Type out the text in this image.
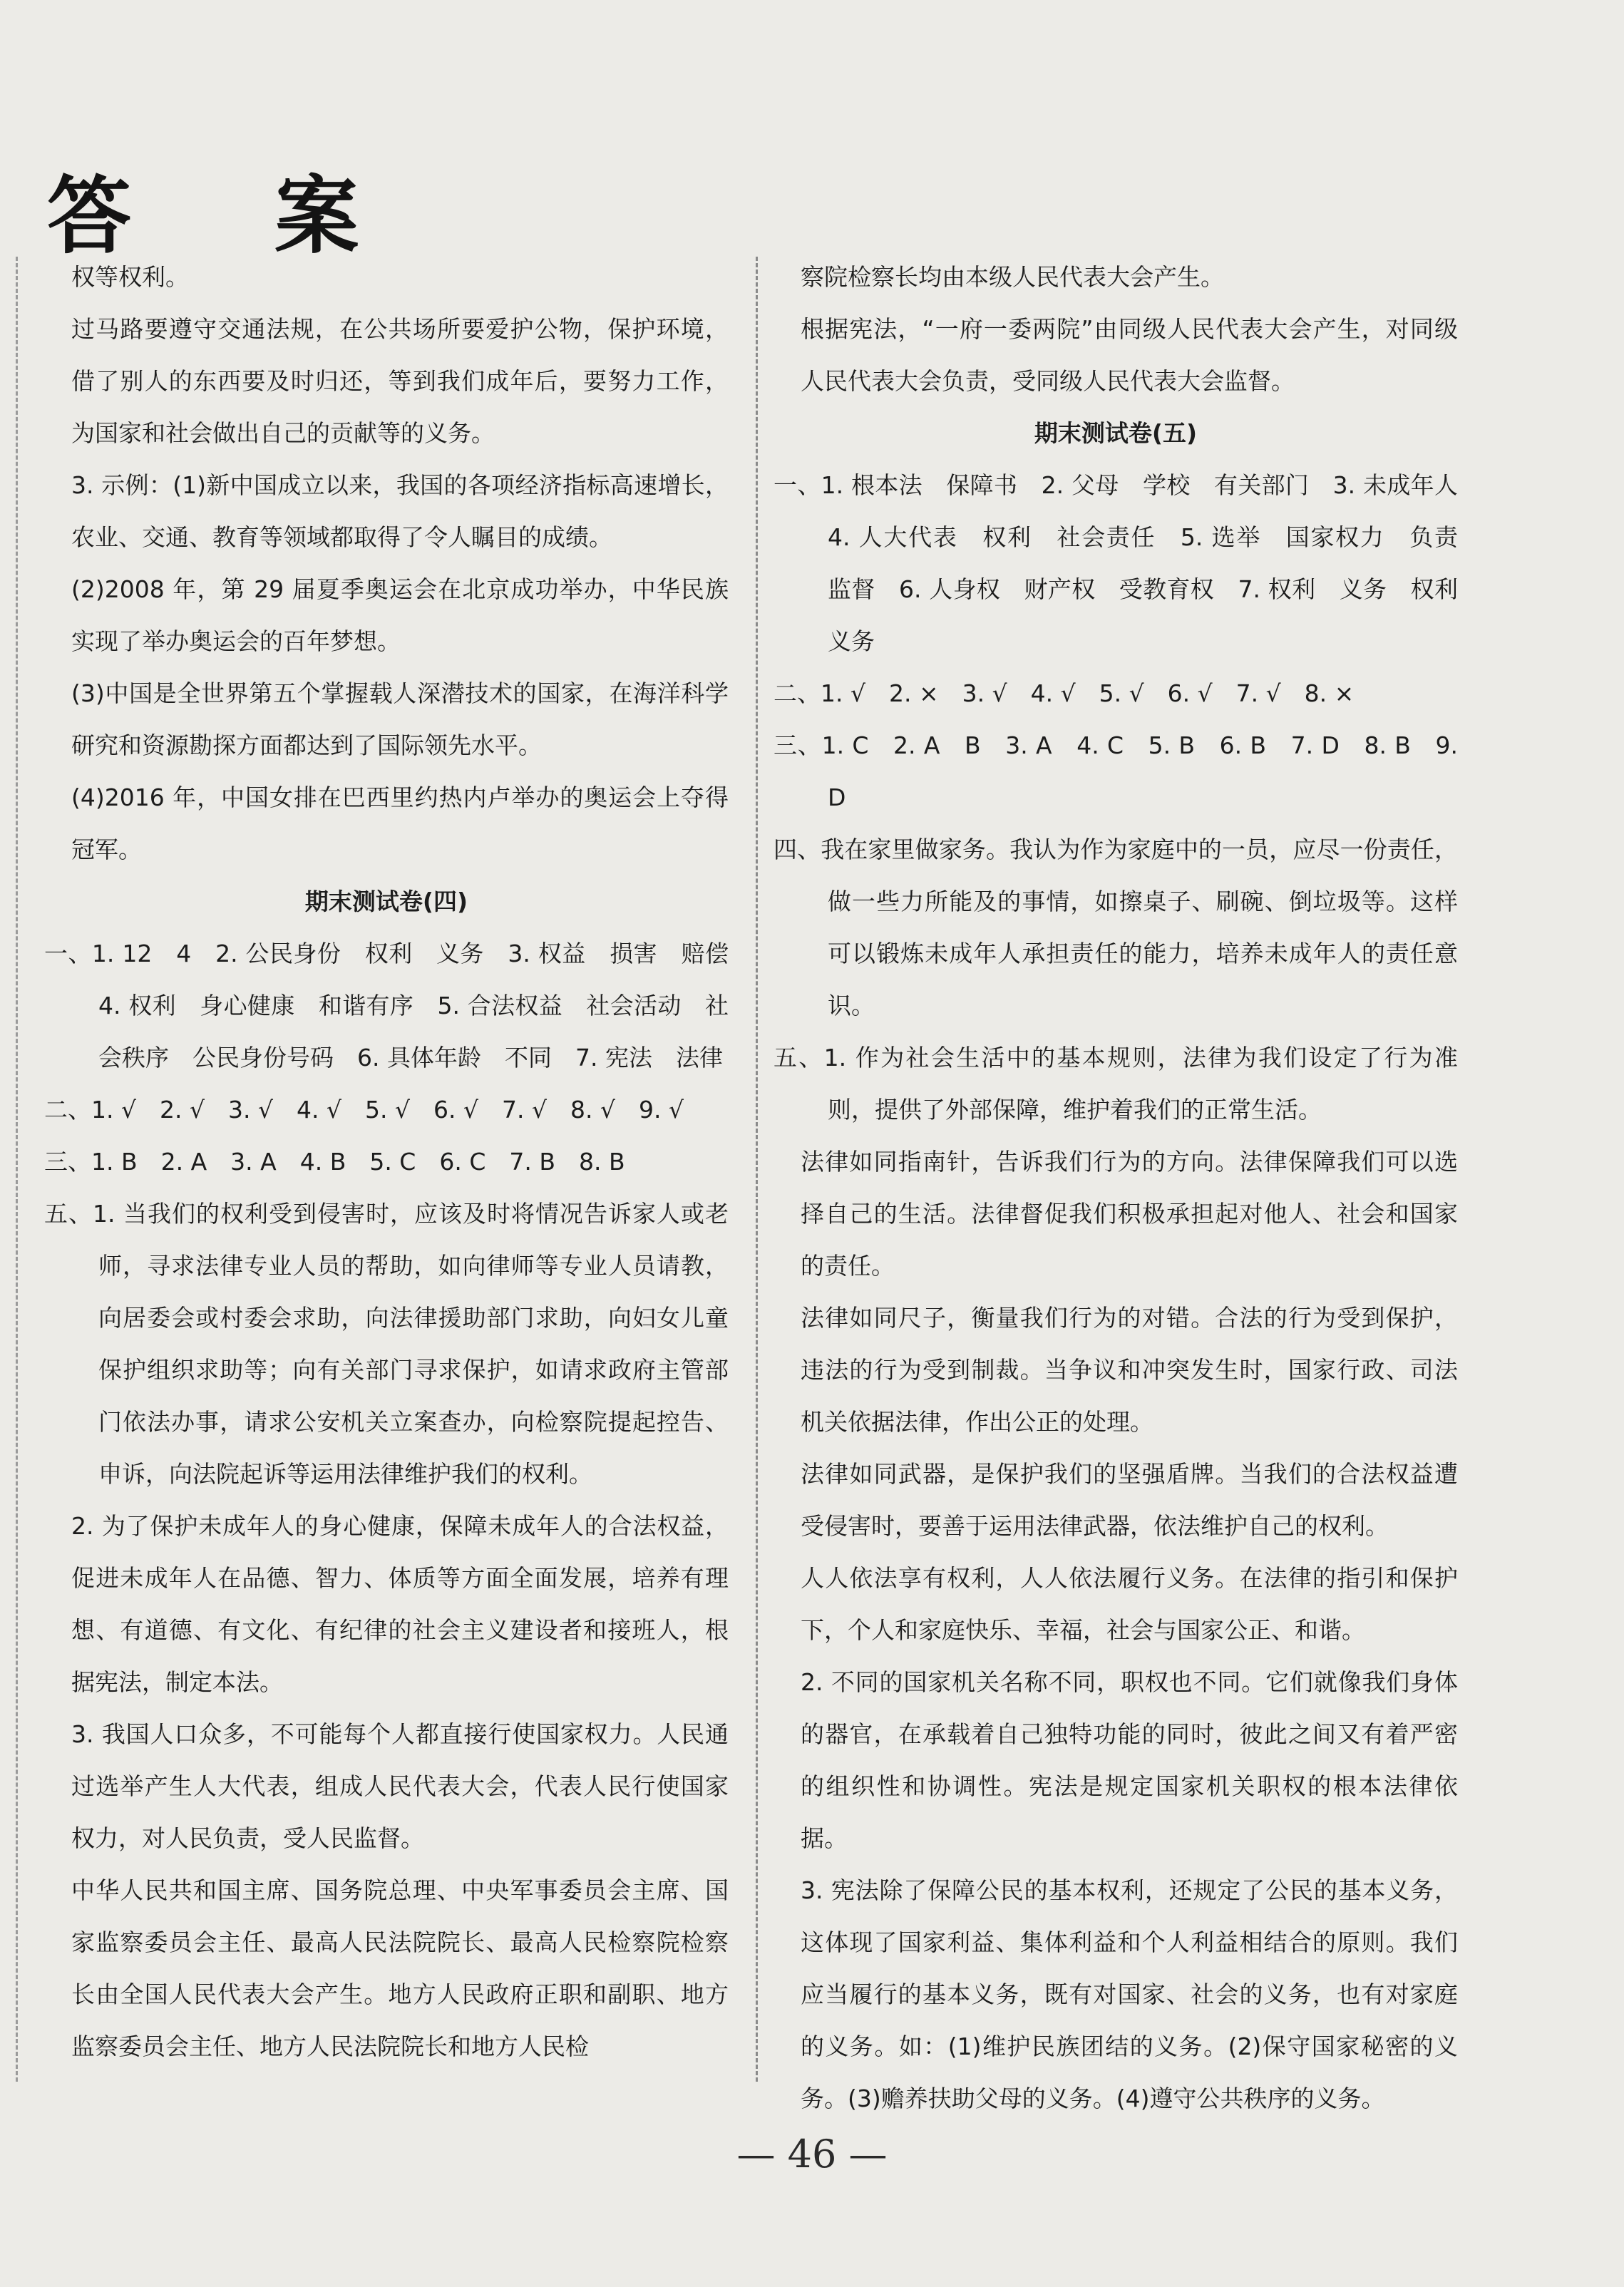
答 案

权等权利。

过马路要遵守交通法规，在公共场所要爱护公物，保护环境，借了别人的东西要及时归还，等到我们成年后，要努力工作，为国家和社会做出自己的贡献等的义务。

3. 示例：(1)新中国成立以来，我国的各项经济指标高速增长，农业、交通、教育等领域都取得了令人瞩目的成绩。

(2)2008 年，第 29 届夏季奥运会在北京成功举办，中华民族实现了举办奥运会的百年梦想。

(3)中国是全世界第五个掌握载人深潜技术的国家，在海洋科学研究和资源勘探方面都达到了国际领先水平。

(4)2016 年，中国女排在巴西里约热内卢举办的奥运会上夺得冠军。

期末测试卷(四)

一、1. 12　4　2. 公民身份　权利　义务　3. 权益　损害　赔偿　4. 权利　身心健康　和谐有序　5. 合法权益　社会活动　社会秩序　公民身份号码　6. 具体年龄　不同　7. 宪法　法律

二、1. √　2. √　3. √　4. √　5. √　6. √　7. √　8. √　9. √

三、1. B　2. A　3. A　4. B　5. C　6. C　7. B　8. B

五、1. 当我们的权利受到侵害时，应该及时将情况告诉家人或老师，寻求法律专业人员的帮助，如向律师等专业人员请教，向居委会或村委会求助，向法律援助部门求助，向妇女儿童保护组织求助等；向有关部门寻求保护，如请求政府主管部门依法办事，请求公安机关立案查办，向检察院提起控告、申诉，向法院起诉等运用法律维护我们的权利。

2. 为了保护未成年人的身心健康，保障未成年人的合法权益，促进未成年人在品德、智力、体质等方面全面发展，培养有理想、有道德、有文化、有纪律的社会主义建设者和接班人，根据宪法，制定本法。

3. 我国人口众多，不可能每个人都直接行使国家权力。人民通过选举产生人大代表，组成人民代表大会，代表人民行使国家权力，对人民负责，受人民监督。

中华人民共和国主席、国务院总理、中央军事委员会主席、国家监察委员会主任、最高人民法院院长、最高人民检察院检察长由全国人民代表大会产生。地方人民政府正职和副职、地方监察委员会主任、地方人民法院院长和地方人民检

察院检察长均由本级人民代表大会产生。

根据宪法，“一府一委两院”由同级人民代表大会产生，对同级人民代表大会负责，受同级人民代表大会监督。

期末测试卷(五)

一、1. 根本法　保障书　2. 父母　学校　有关部门　3. 未成年人　4. 人大代表　权利　社会责任　5. 选举　国家权力　负责　监督　6. 人身权　财产权　受教育权　7. 权利　义务　权利　义务

二、1. √　2. ×　3. √　4. √　5. √　6. √　7. √　8. ×

三、1. C　2. A　B　3. A　4. C　5. B　6. B　7. D　8. B　9. D

四、我在家里做家务。我认为作为家庭中的一员，应尽一份责任，做一些力所能及的事情，如擦桌子、刷碗、倒垃圾等。这样可以锻炼未成年人承担责任的能力，培养未成年人的责任意识。

五、1. 作为社会生活中的基本规则，法律为我们设定了行为准则，提供了外部保障，维护着我们的正常生活。

法律如同指南针，告诉我们行为的方向。法律保障我们可以选择自己的生活。法律督促我们积极承担起对他人、社会和国家的责任。

法律如同尺子，衡量我们行为的对错。合法的行为受到保护，违法的行为受到制裁。当争议和冲突发生时，国家行政、司法机关依据法律，作出公正的处理。

法律如同武器，是保护我们的坚强盾牌。当我们的合法权益遭受侵害时，要善于运用法律武器，依法维护自己的权利。

人人依法享有权利，人人依法履行义务。在法律的指引和保护下，个人和家庭快乐、幸福，社会与国家公正、和谐。

2. 不同的国家机关名称不同，职权也不同。它们就像我们身体的器官，在承载着自己独特功能的同时，彼此之间又有着严密的组织性和协调性。宪法是规定国家机关职权的根本法律依据。

3. 宪法除了保障公民的基本权利，还规定了公民的基本义务，这体现了国家利益、集体利益和个人利益相结合的原则。我们应当履行的基本义务，既有对国家、社会的义务，也有对家庭的义务。如：(1)维护民族团结的义务。(2)保守国家秘密的义务。(3)赡养扶助父母的义务。(4)遵守公共秩序的义务。

— 46 —
